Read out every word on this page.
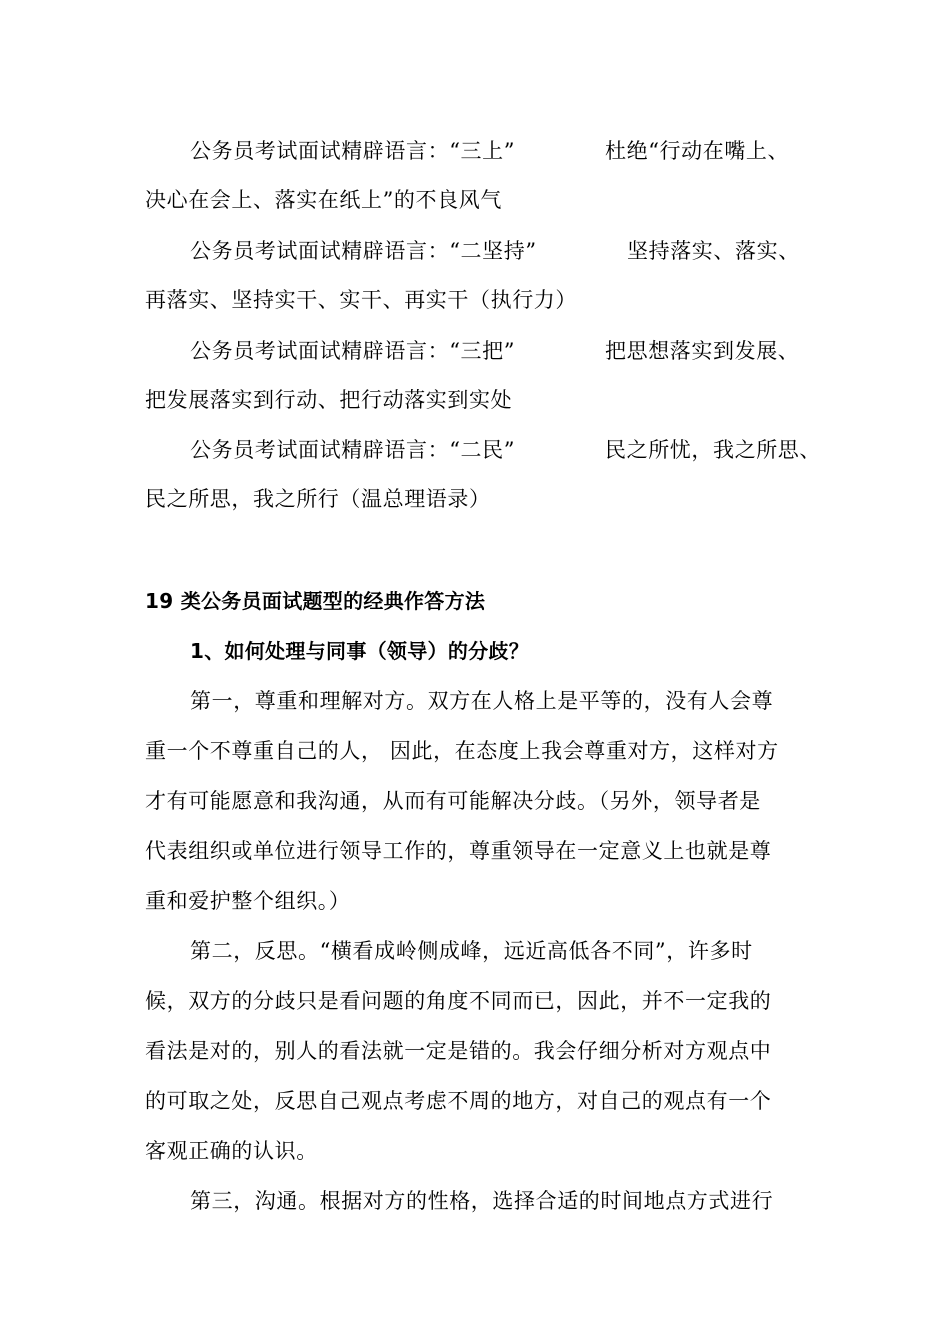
公务员考试面试精辟语言：“三上”	杜绝“行动在嘴上、
决心在会上、落实在纸上”的不良风气
公务员考试面试精辟语言：“二坚持”	坚持落实、落实、
再落实、坚持实干、实干、再实干（执行力）
公务员考试面试精辟语言：“三把”	把思想落实到发展、
把发展落实到行动、把行动落实到实处
公务员考试面试精辟语言：“二民”	民之所忧，我之所思、
民之所思，我之所行（温总理语录）
19 类公务员面试题型的经典作答方法
1、如何处理与同事（领导）的分歧？
第一，尊重和理解对方。双方在人格上是平等的，没有人会尊
重一个不尊重自己的人， 因此，在态度上我会尊重对方，这样对方
才有可能愿意和我沟通，从而有可能解决分歧。（另外，领导者是
代表组织或单位进行领导工作的，尊重领导在一定意义上也就是尊
重和爱护整个组织。）
第二，反思。“横看成岭侧成峰，远近高低各不同”，许多时
候，双方的分歧只是看问题的角度不同而已，因此，并不一定我的
看法是对的，别人的看法就一定是错的。我会仔细分析对方观点中
的可取之处，反思自己观点考虑不周的地方，对自己的观点有一个
客观正确的认识。
第三，沟通。根据对方的性格，选择合适的时间地点方式进行
